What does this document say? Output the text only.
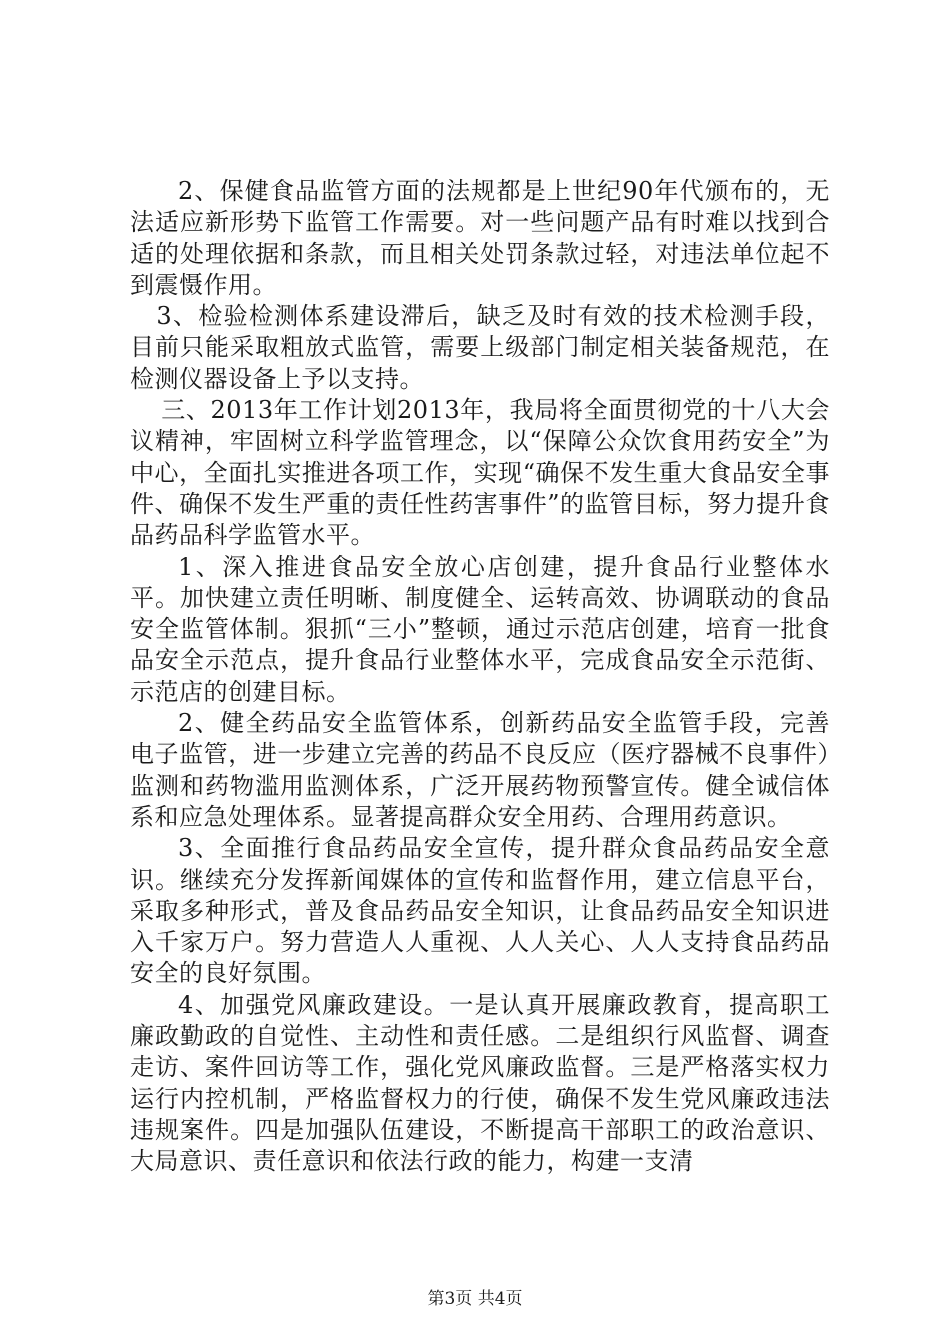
2、保健食品监管方面的法规都是上世纪90年代颁布的，无法适应新形势下监管工作需要。对一些问题产品有时难以找到合适的处理依据和条款，而且相关处罚条款过轻，对违法单位起不到震慑作用。

3、检验检测体系建设滞后，缺乏及时有效的技术检测手段，目前只能采取粗放式监管，需要上级部门制定相关装备规范，在检测仪器设备上予以支持。

三、2013年工作计划2013年，我局将全面贯彻党的十八大会议精神，牢固树立科学监管理念，以“保障公众饮食用药安全”为中心，全面扎实推进各项工作，实现“确保不发生重大食品安全事件、确保不发生严重的责任性药害事件”的监管目标，努力提升食品药品科学监管水平。

1、深入推进食品安全放心店创建，提升食品行业整体水平。加快建立责任明晰、制度健全、运转高效、协调联动的食品安全监管体制。狠抓“三小”整顿，通过示范店创建，培育一批食品安全示范点，提升食品行业整体水平，完成食品安全示范街、示范店的创建目标。

2、健全药品安全监管体系，创新药品安全监管手段，完善电子监管，进一步建立完善的药品不良反应（医疗器械不良事件）监测和药物滥用监测体系，广泛开展药物预警宣传。健全诚信体系和应急处理体系。显著提高群众安全用药、合理用药意识。

3、全面推行食品药品安全宣传，提升群众食品药品安全意识。继续充分发挥新闻媒体的宣传和监督作用，建立信息平台，采取多种形式，普及食品药品安全知识，让食品药品安全知识进入千家万户。努力营造人人重视、人人关心、人人支持食品药品安全的良好氛围。

4、加强党风廉政建设。一是认真开展廉政教育，提高职工廉政勤政的自觉性、主动性和责任感。二是组织行风监督、调查走访、案件回访等工作，强化党风廉政监督。三是严格落实权力运行内控机制，严格监督权力的行使，确保不发生党风廉政违法违规案件。四是加强队伍建设，不断提高干部职工的政治意识、大局意识、责任意识和依法行政的能力，构建一支清

第3页 共4页
